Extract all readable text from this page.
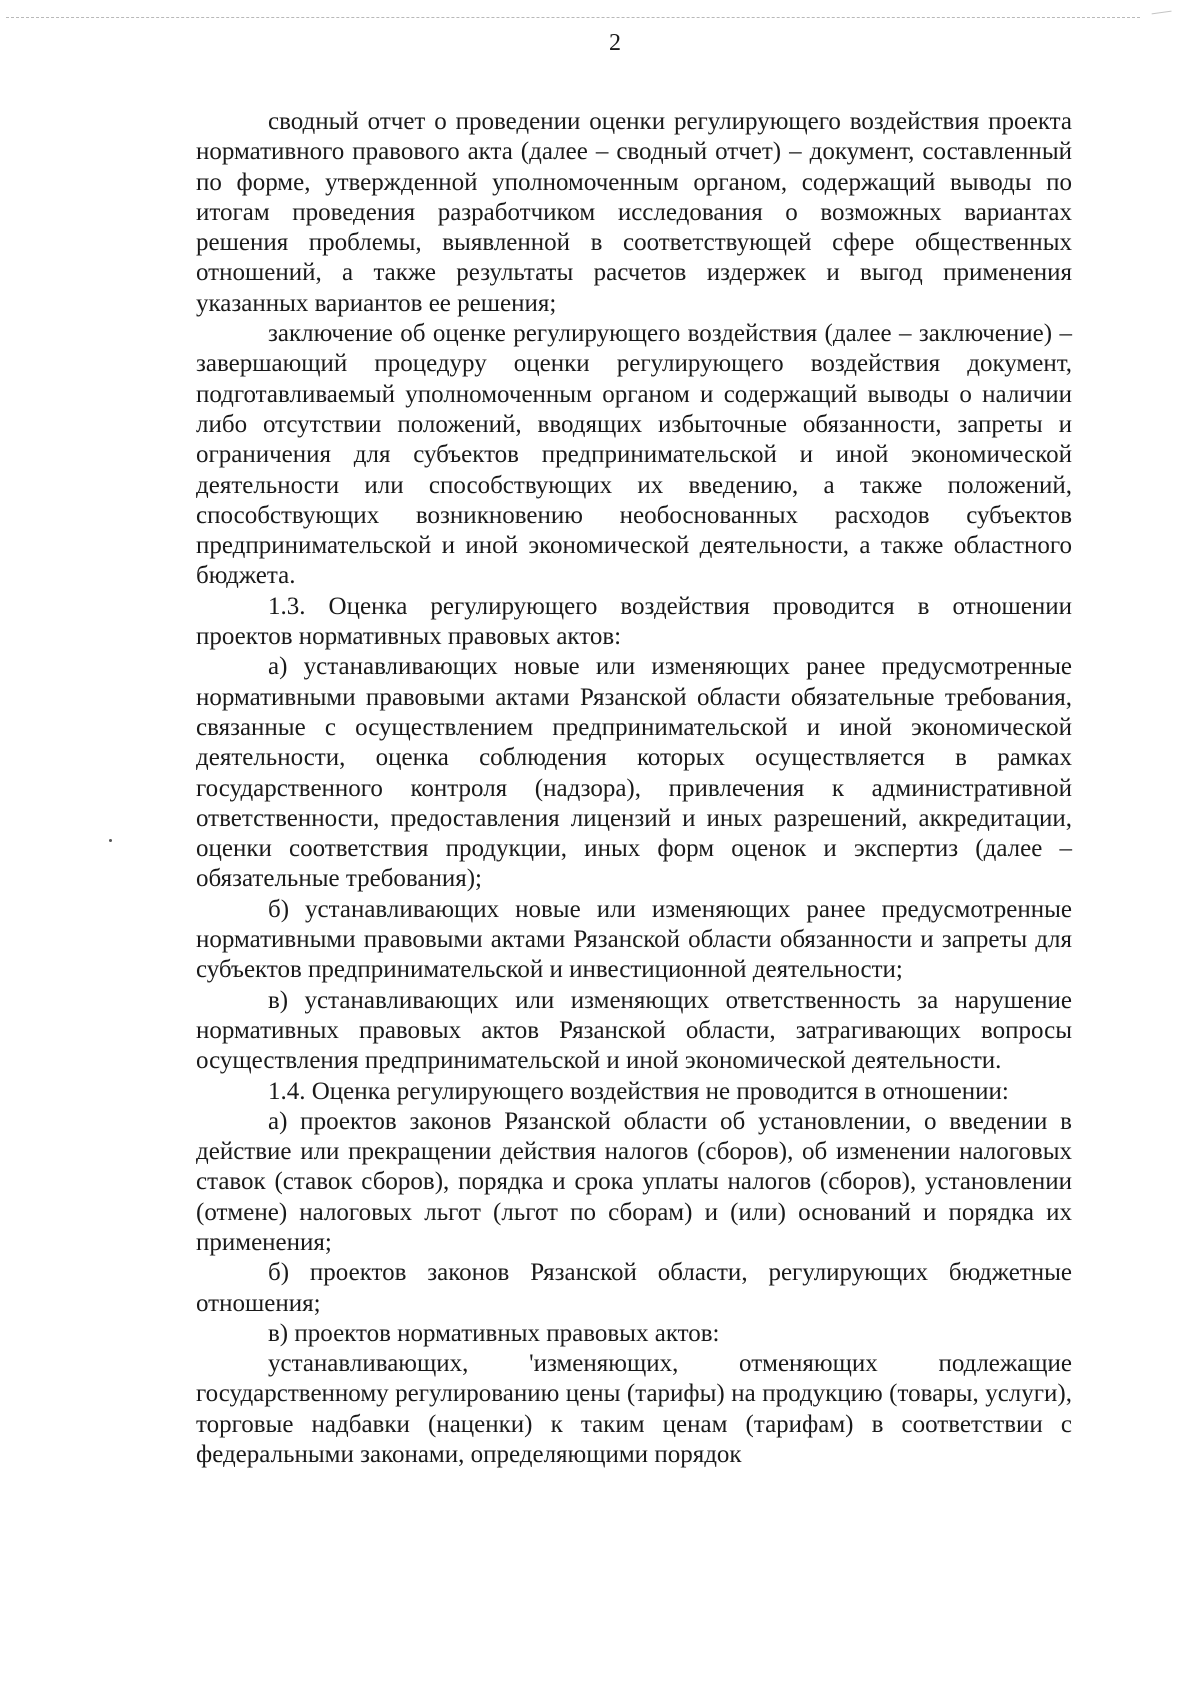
2

сводный отчет о проведении оценки регулирующего воздействия проекта нормативного правового акта (далее – сводный отчет) – документ, составленный по форме, утвержденной уполномоченным органом, содержащий выводы по итогам проведения разработчиком исследования о возможных вариантах решения проблемы, выявленной в соответствующей сфере общественных отношений, а также результаты расчетов издержек и выгод применения указанных вариантов ее решения;

заключение об оценке регулирующего воздействия (далее – заключение) – завершающий процедуру оценки регулирующего воздействия документ, подготавливаемый уполномоченным органом и содержащий выводы о наличии либо отсутствии положений, вводящих избыточные обязанности, запреты и ограничения для субъектов предпринимательской и иной экономической деятельности или способствующих их введению, а также положений, способствующих возникновению необоснованных расходов субъектов предпринимательской и иной экономической деятельности, а также областного бюджета.

1.3. Оценка регулирующего воздействия проводится в отношении проектов нормативных правовых актов:

а) устанавливающих новые или изменяющих ранее предусмотренные нормативными правовыми актами Рязанской области обязательные требования, связанные с осуществлением предпринимательской и иной экономической деятельности, оценка соблюдения которых осуществляется в рамках государственного контроля (надзора), привлечения к административной ответственности, предоставления лицензий и иных разрешений, аккредитации, оценки соответствия продукции, иных форм оценок и экспертиз (далее – обязательные требования);

б) устанавливающих новые или изменяющих ранее предусмотренные нормативными правовыми актами Рязанской области обязанности и запреты для субъектов предпринимательской и инвестиционной деятельности;

в) устанавливающих или изменяющих ответственность за нарушение нормативных правовых актов Рязанской области, затрагивающих вопросы осуществления предпринимательской и иной экономической деятельности.

1.4. Оценка регулирующего воздействия не проводится в отношении:

а) проектов законов Рязанской области об установлении, о введении в действие или прекращении действия налогов (сборов), об изменении налоговых ставок (ставок сборов), порядка и срока уплаты налогов (сборов), установлении (отмене) налоговых льгот (льгот по сборам) и (или) оснований и порядка их применения;

б) проектов законов Рязанской области, регулирующих бюджетные отношения;

в) проектов нормативных правовых актов:

устанавливающих, 'изменяющих, отменяющих подлежащие государственному регулированию цены (тарифы) на продукцию (товары, услуги), торговые надбавки (наценки) к таким ценам (тарифам) в соответствии с федеральными законами, определяющими порядок
